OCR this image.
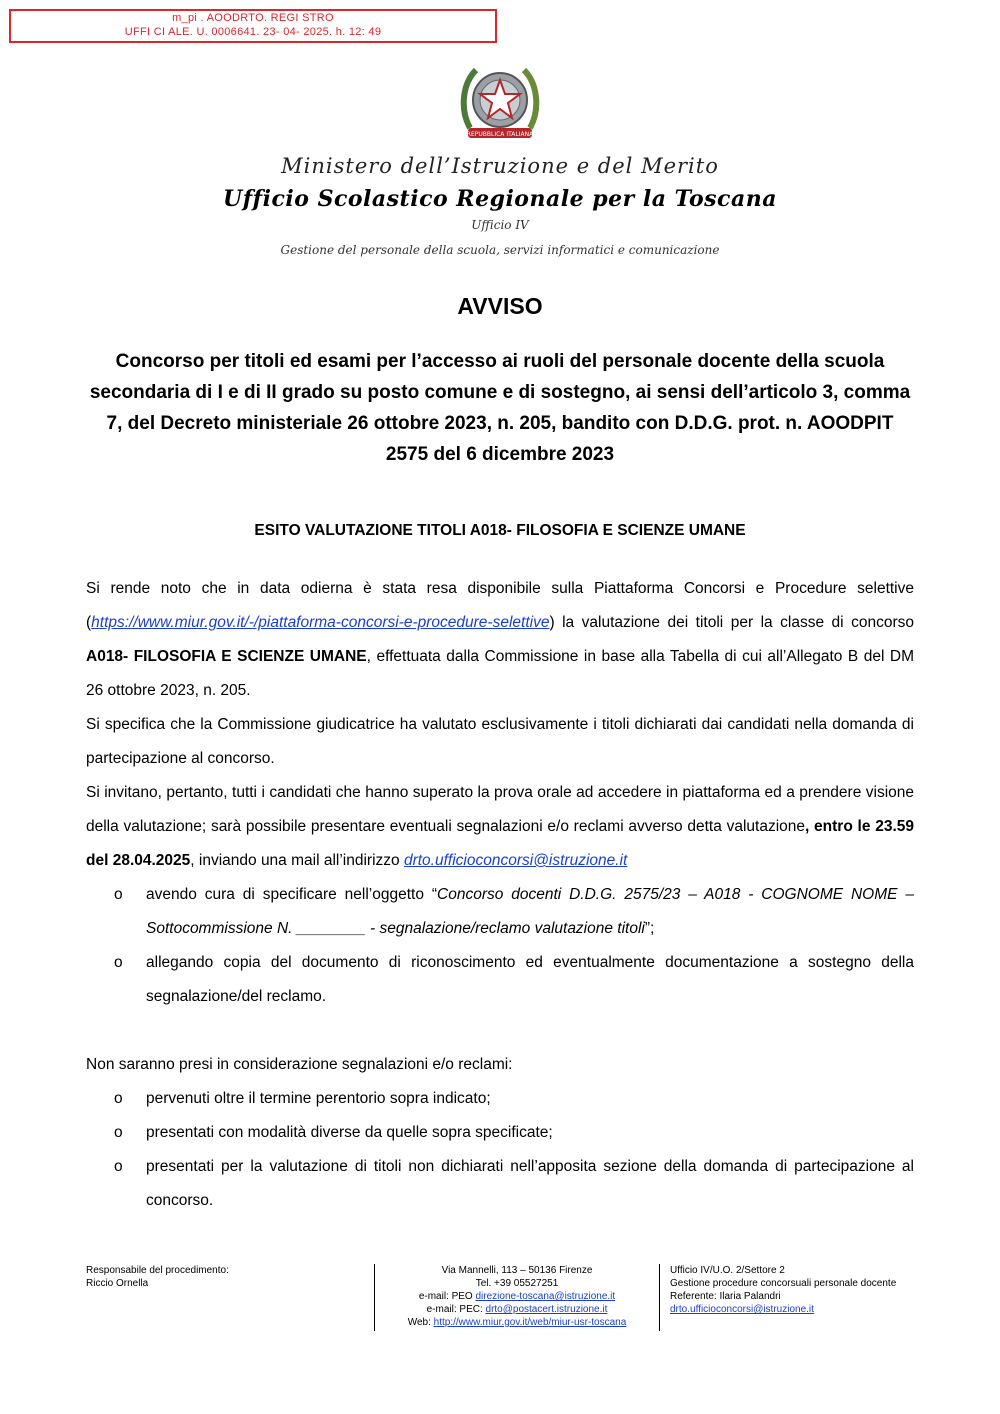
m_pi . AOODRTO. REGI STRO
UFFI CI ALE. U. 0006641. 23- 04- 2025. h. 12: 49
REPUBBLICA ITALIANA
Ministero dell’Istruzione e del Merito
Ufficio Scolastico Regionale per la Toscana
Ufficio IV
Gestione del personale della scuola, servizi informatici e comunicazione
AVVISO
Concorso per titoli ed esami per l’accesso ai ruoli del personale docente della scuola secondaria di I e di II grado su posto comune e di sostegno, ai sensi dell’articolo 3, comma 7, del Decreto ministeriale 26 ottobre 2023, n. 205, bandito con D.D.G. prot. n. AOODPIT 2575 del 6 dicembre 2023
ESITO VALUTAZIONE TITOLI A018- FILOSOFIA E SCIENZE UMANE

Si rende noto che in data odierna è stata resa disponibile sulla Piattaforma Concorsi e Procedure selettive (https://www.miur.gov.it/-/piattaforma-concorsi-e-procedure-selettive) la valutazione dei titoli per la classe di concorso A018- FILOSOFIA E SCIENZE UMANE, effettuata dalla Commissione in base alla Tabella di cui all’Allegato B del DM 26 ottobre 2023, n. 205.

Si specifica che la Commissione giudicatrice ha valutato esclusivamente i titoli dichiarati dai candidati nella domanda di partecipazione al concorso.

Si invitano, pertanto, tutti i candidati che hanno superato la prova orale ad accedere in piattaforma ed a prendere visione della valutazione; sarà possibile presentare eventuali segnalazioni e/o reclami avverso detta valutazione, entro le 23.59 del 28.04.2025, inviando una mail all’indirizzo drto.ufficioconcorsi@istruzione.it

o avendo cura di specificare nell’oggetto “Concorso docenti D.D.G. 2575/23 – A018 - COGNOME NOME – Sottocommissione N. ________ - segnalazione/reclamo valutazione titoli”;
o allegando copia del documento di riconoscimento ed eventualmente documentazione a sostegno della segnalazione/del reclamo.

Non saranno presi in considerazione segnalazioni e/o reclami:

o pervenuti oltre il termine perentorio sopra indicato;
o presentati con modalità diverse da quelle sopra specificate;
o presentati per la valutazione di titoli non dichiarati nell’apposita sezione della domanda di partecipazione al concorso.
Responsabile del procedimento:
Riccio Ornella
Via Mannelli, 113 – 50136 Firenze
Tel. +39 05527251
e-mail: PEO direzione-toscana@istruzione.it
e-mail: PEC: drto@postacert.istruzione.it
Web: http://www.miur.gov.it/web/miur-usr-toscana
Ufficio IV/U.O. 2/Settore 2
Gestione procedure concorsuali personale docente
Referente: Ilaria Palandri
drto.ufficioconcorsi@istruzione.it
